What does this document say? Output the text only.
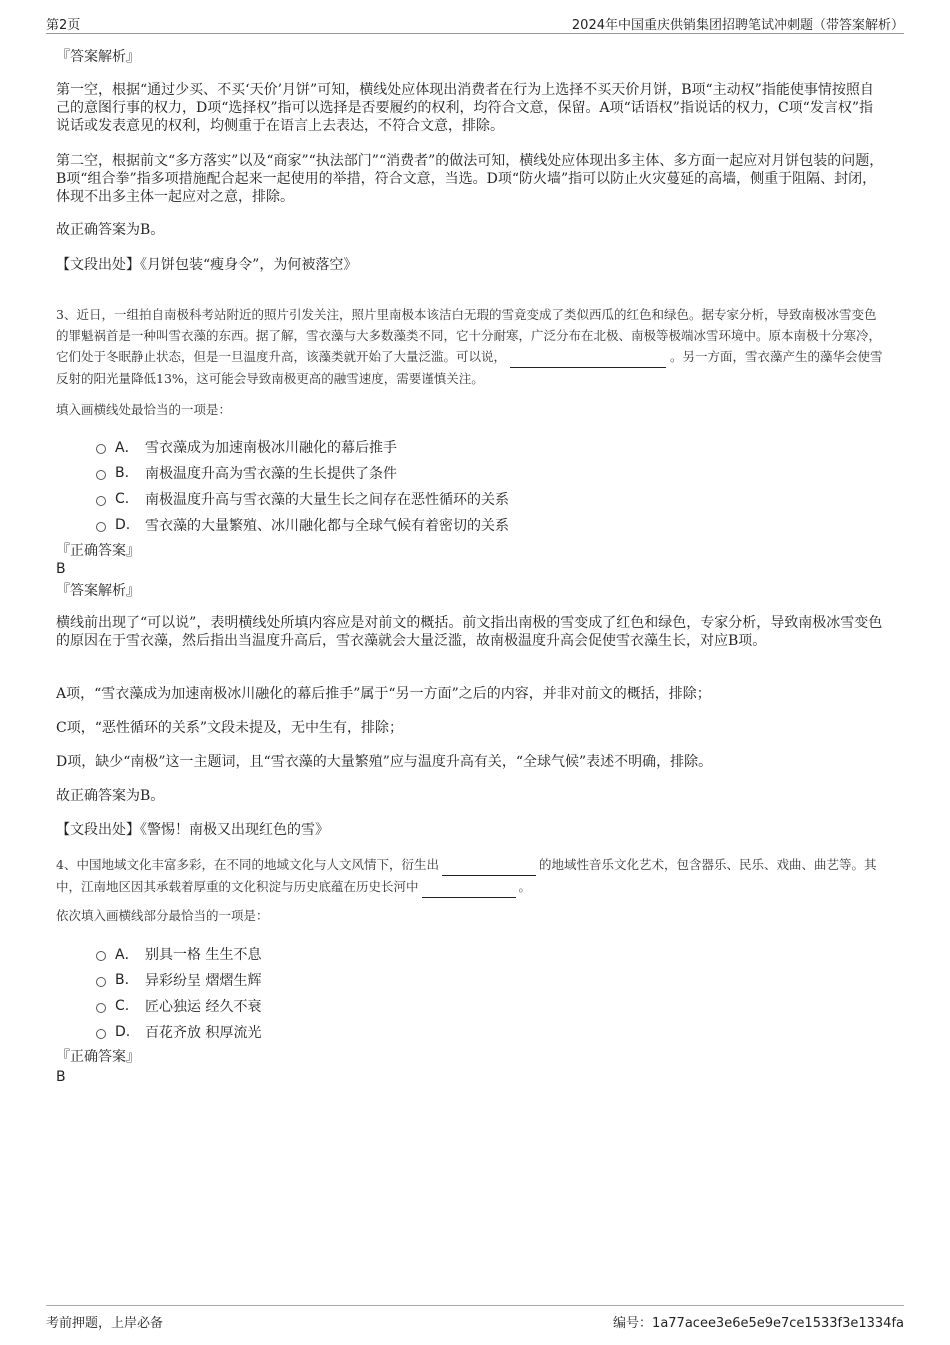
第2页	2024年中国重庆供销集团招聘笔试冲刺题（带答案解析）
『答案解析』
第一空，根据“通过少买、不买‘天价’月饼”可知，横线处应体现出消费者在行为上选择不买天价月饼，B项“主动权”指能使事情按照自己的意图行事的权力，D项“选择权”指可以选择是否要履约的权利，均符合文意，保留。A项“话语权”指说话的权力，C项“发言权”指说话或发表意见的权利，均侧重于在语言上去表达，不符合文意，排除。
第二空，根据前文“多方落实”以及“商家”“执法部门”“消费者”的做法可知，横线处应体现出多主体、多方面一起应对月饼包装的问题，B项“组合拳”指多项措施配合起来一起使用的举措，符合文意，当选。D项“防火墙”指可以防止火灾蔓延的高墙，侧重于阻隔、封闭，体现不出多主体一起应对之意，排除。
故正确答案为B。
【文段出处】《月饼包装“瘦身令”，为何被落空》
3、近日，一组拍自南极科考站附近的照片引发关注，照片里南极本该洁白无瑕的雪竟变成了类似西瓜的红色和绿色。据专家分析，导致南极冰雪变色的罪魁祸首是一种叫雪衣藻的东西。据了解，雪衣藻与大多数藻类不同，它十分耐寒，广泛分布在北极、南极等极端冰雪环境中。原本南极十分寒冷，它们处于冬眠静止状态，但是一旦温度升高，该藻类就开始了大量泛滥。可以说，	。另一方面，雪衣藻产生的藻华会使雪反射的阳光量降低13%，这可能会导致南极更高的融雪速度，需要谨慎关注。
填入画横线处最恰当的一项是：
A． 雪衣藻成为加速南极冰川融化的幕后推手
B.	南极温度升高为雪衣藻的生长提供了条件
C.	南极温度升高与雪衣藻的大量生长之间存在恶性循环的关系
D.	雪衣藻的大量繁殖、冰川融化都与全球气候有着密切的关系
『正确答案』
B
『答案解析』
横线前出现了“可以说”，表明横线处所填内容应是对前文的概括。前文指出南极的雪变成了红色和绿色，专家分析，导致南极冰雪变色的原因在于雪衣藻，然后指出当温度升高后，雪衣藻就会大量泛滥，故南极温度升高会促使雪衣藻生长，对应B项。
A项，“雪衣藻成为加速南极冰川融化的幕后推手”属于“另一方面”之后的内容，并非对前文的概括，排除；
C项，“恶性循环的关系”文段未提及，无中生有，排除；
D项，缺少“南极”这一主题词，且“雪衣藻的大量繁殖”应与温度升高有关，“全球气候”表述不明确，排除。
故正确答案为B。
【文段出处】《警惕！南极又出现红色的雪》
4、中国地域文化丰富多彩，在不同的地域文化与人文风情下，衍生出	的地域性音乐文化艺术，包含器乐、民乐、戏曲、曲艺等。其中，江南地区因其承载着厚重的文化积淀与历史底蕴在历史长河中	。
依次填入画横线部分最恰当的一项是：
A． 别具一格 生生不息
B.	异彩纷呈 熠熠生辉
C.	匠心独运 经久不衰
D.	百花齐放 积厚流光
『正确答案』
B
考前押题，上岸必备	编号：1a77acee3e6e5e9e7ce1533f3e1334fa
